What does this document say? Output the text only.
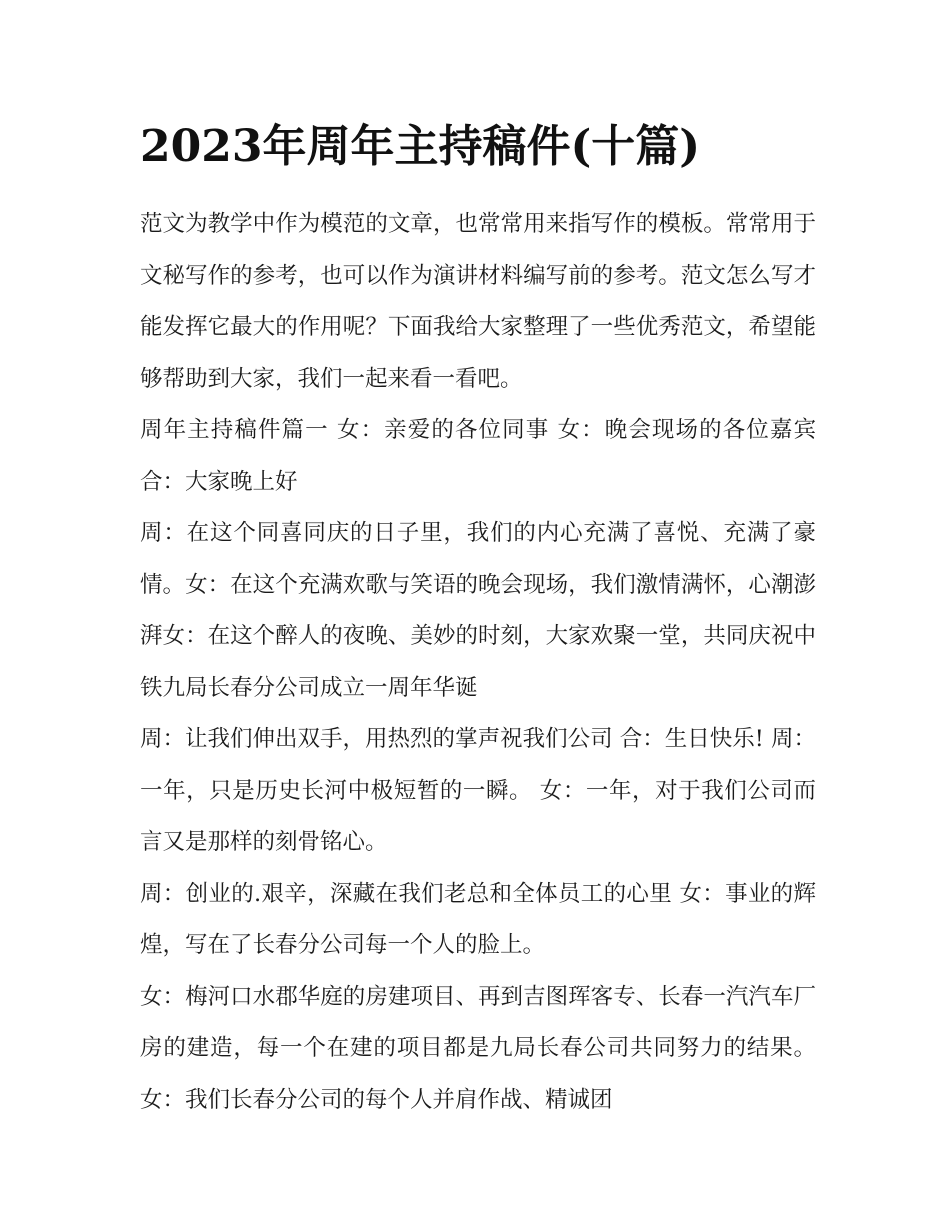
2023年周年主持稿件(十篇)

范文为教学中作为模范的文章，也常常用来指写作的模板。常常用于文秘写作的参考，也可以作为演讲材料编写前的参考。范文怎么写才能发挥它最大的作用呢？下面我给大家整理了一些优秀范文，希望能够帮助到大家，我们一起来看一看吧。

周年主持稿件篇一 女：亲爱的各位同事 女：晚会现场的各位嘉宾 合：大家晚上好

周：在这个同喜同庆的日子里，我们的内心充满了喜悦、充满了豪情。女：在这个充满欢歌与笑语的晚会现场，我们激情满怀，心潮澎湃女：在这个醉人的夜晚、美妙的时刻，大家欢聚一堂，共同庆祝中铁九局长春分公司成立一周年华诞

周：让我们伸出双手，用热烈的掌声祝我们公司 合：生日快乐! 周：一年，只是历史长河中极短暂的一瞬。 女：一年，对于我们公司而言又是那样的刻骨铭心。

周：创业的.艰辛，深藏在我们老总和全体员工的心里 女：事业的辉煌，写在了长春分公司每一个人的脸上。

女：梅河口水郡华庭的房建项目、再到吉图珲客专、长春一汽汽车厂房的建造，每一个在建的项目都是九局长春公司共同努力的结果。女：我们长春分公司的每个人并肩作战、精诚团
